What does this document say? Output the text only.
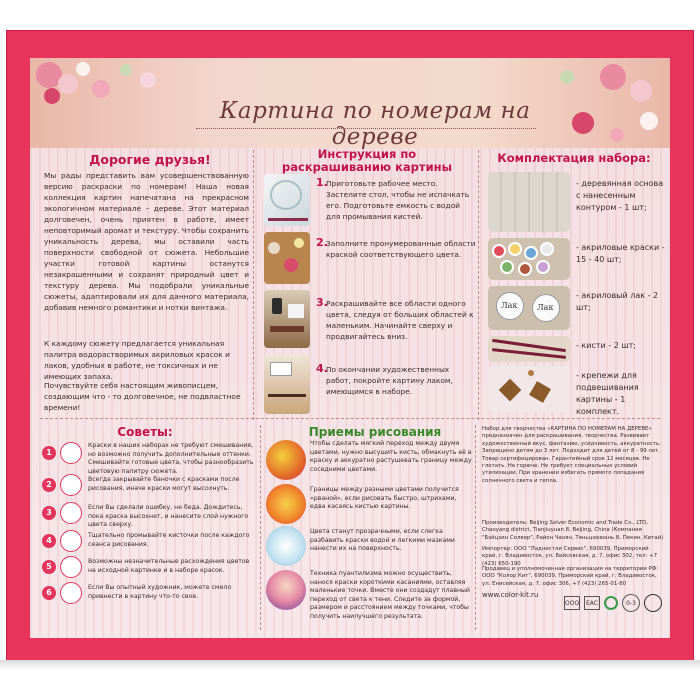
Картина по номерам на дереве
Дорогие друзья!
Мы рады представить вам усовершенствованную версию раскраски по номерам! Наша новая коллекция картин напечатана на прекрасном экологичном материале – дереве. Этот материал долговечен, очень приятен в работе, имеет неповторимый аромат и текстуру. Чтобы сохранить уникальность дерева, мы оставили часть поверхности свободной от сюжета. Небольшие участки готовой картины останутся незакрашенными и сохранят природный цвет и текстуру дерева. Мы подобрали уникальные сюжеты, адаптировали их для данного материала, добавив немного романтики и нотки винтажа.
К каждому сюжету предлагается уникальная палитра водорастворимых акриловых красок и лаков, удобных в работе, не токсичных и не имеющих запаха.
Почувствуйте себя настоящим живописцем, создающим что - то долговечное, не подвластное времени!
Инструкция по раскрашиванию картины
1.
Приготовьте рабочее место. Застелите стол, чтобы не испачкать его. Подготовьте емкость с водой для промывания кистей.
2.
Заполните пронумерованные области краской соответствующего цвета.
3.
Раскрашивайте все области одного цвета, следуя от больших областей к маленьким. Начинайте сверху и продвигайтесь вниз.
4.
По окончании художественных работ, покройте картину лаком, имеющимся в наборе.
Комплектация набора:
- деревянная основа с нанесенным контуром - 1 шт;
- акриловые краски - 15 - 40 шт;
Лак Лак
- акриловый лак - 2 шт;
- кисти - 2 шт;
- крепежи для подвешивания картины - 1 комплект.
Советы:
1
Краски в наших наборах не требуют смешивания, но возможно получить дополнительные оттенки. Смешивайте готовые цвета, чтобы разнообразить цветовую палитру сюжета.
2
Всегда закрывайте баночки с красками после рисования, иначе краски могут высохнуть.
3
Если Вы сделали ошибку, не беда. Дождитесь, пока краска высохнет, и нанесите слой нужного цвета сверху.
4
Тщательно промывайте кисточки после каждого сеанса рисования.
5
Возможны незначительные расхождения цветов на исходной картинке и в наборе красок.
6
Если Вы опытный художник, можете смело привнести в картину что-то свое.
Приемы рисования
Чтобы сделать мягкий переход между двумя цветами, нужно высушить кисть, обмакнуть её в краску и аккуратно растушевать границу между соседними цветами.
Границы между разными цветами получится «рваной», если рисовать быстро, штрихами, едва касаясь кистью картины.
Цвета станут прозрачными, если слегка разбавить краски водой и легкими мазками нанести их на поверхность.
Техника пуантилизма можно осуществить, нанося краски короткими касаниями, оставляя маленькие точки. Вместе они создадут плавный переход от света к тени. Следите за формой, размером и расстоянием между точками, чтобы получить наилучшего результата.
Набор для творчества «КАРТИНА ПО НОМЕРАМ НА ДЕРЕВЕ» предназначен для раскрашивания, творчества. Развивает художественный вкус, фантазию, усидчивость, аккуратность. Запрещено детям до 3 лет. Подходит для детей от 8 - 99 лет. Товар сертифицирован. Гарантийный срок 12 месяцев. Не глотать. Не горюче. Не требует специальных условий утилизации. При хранении избегать прямого попадания солнечного света и тепла.
Производитель: Beijing Solver Economic and Trade Co., LTD, Chaoyang district, Tianjiuyuan 8, Beijing, China (Компания "Бэйцзин Солвер", Район Чаоян, Тяньцзююань 8, Пекин, Китай)
Импортер: ООО "Ладнистли Сервис", 690039, Приморский край, г. Владивосток, ул. Бийсовская, д. 7, офис 302, тел: +7 (423) 650-190
Продавец и уполномоченная организация на территории РФ: ООО "Колор Кит", 690039, Приморский край, г. Владивосток, ул. Енисейская, д. 7, офис 306, +7 (423) 265-01-80
www.color-kit.ru
ООО	EAC	0-3
